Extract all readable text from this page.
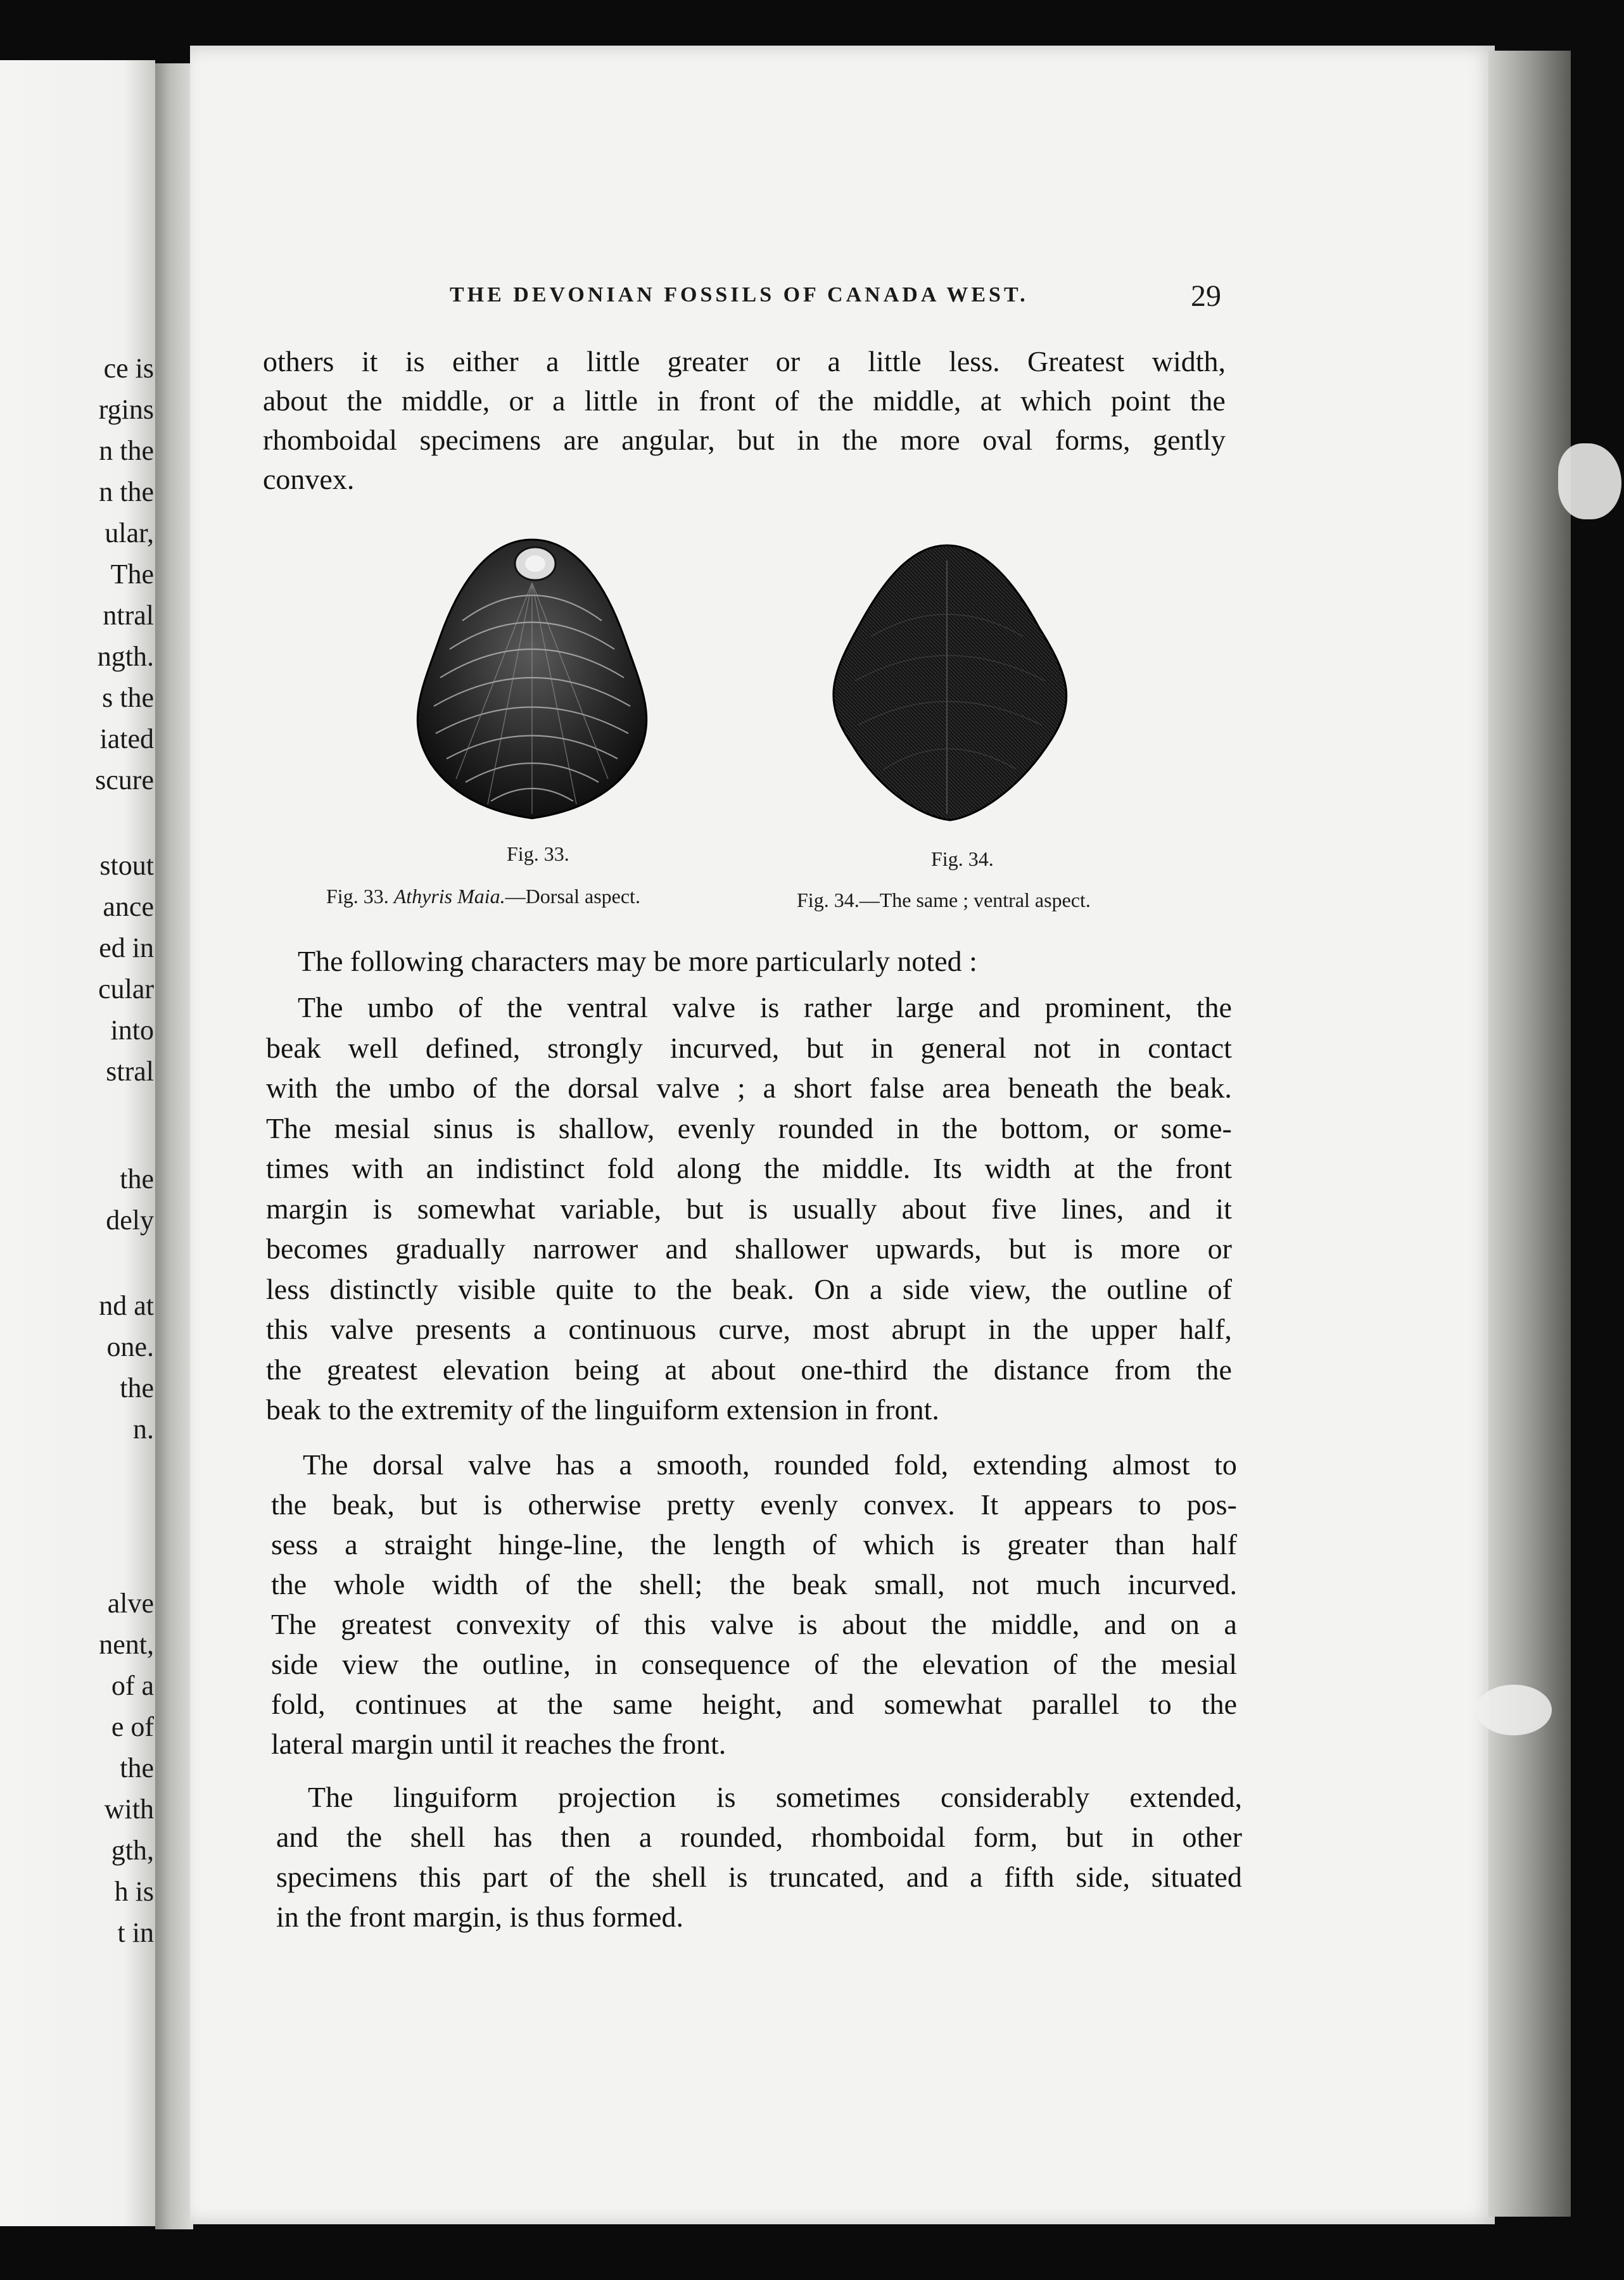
ce is
rgins
n the
n the
ular,
The
ntral
ngth.
s the
iated
scure
stout
ance
ed in
cular
into
stral
the
dely
nd at
one.
the
n.
alve
nent,
of a
e of
the
with
gth,
h is
t in
THE DEVONIAN FOSSILS OF CANADA WEST.	29
Fig. 33.	Fig. 34.
Fig. 33. Athyris Maia.—Dorsal aspect.	Fig. 34.—The same ; ventral aspect.
others it is either a little greater or a little less. Greatest width,
about the middle, or a little in front of the middle, at which point the
rhomboidal specimens are angular, but in the more oval forms, gently
convex.
The following characters may be more particularly noted :
The umbo of the ventral valve is rather large and prominent, the
beak well defined, strongly incurved, but in general not in contact
with the umbo of the dorsal valve ; a short false area beneath the beak.
The mesial sinus is shallow, evenly rounded in the bottom, or some-
times with an indistinct fold along the middle. Its width at the front
margin is somewhat variable, but is usually about five lines, and it
becomes gradually narrower and shallower upwards, but is more or
less distinctly visible quite to the beak. On a side view, the outline of
this valve presents a continuous curve, most abrupt in the upper half,
the greatest elevation being at about one-third the distance from the
beak to the extremity of the linguiform extension in front.
The dorsal valve has a smooth, rounded fold, extending almost to
the beak, but is otherwise pretty evenly convex. It appears to pos-
sess a straight hinge-line, the length of which is greater than half
the whole width of the shell; the beak small, not much incurved.
The greatest convexity of this valve is about the middle, and on a
side view the outline, in consequence of the elevation of the mesial
fold, continues at the same height, and somewhat parallel to the
lateral margin until it reaches the front.
The linguiform projection is sometimes considerably extended,
and the shell has then a rounded, rhomboidal form, but in other
specimens this part of the shell is truncated, and a fifth side, situated
in the front margin, is thus formed.
